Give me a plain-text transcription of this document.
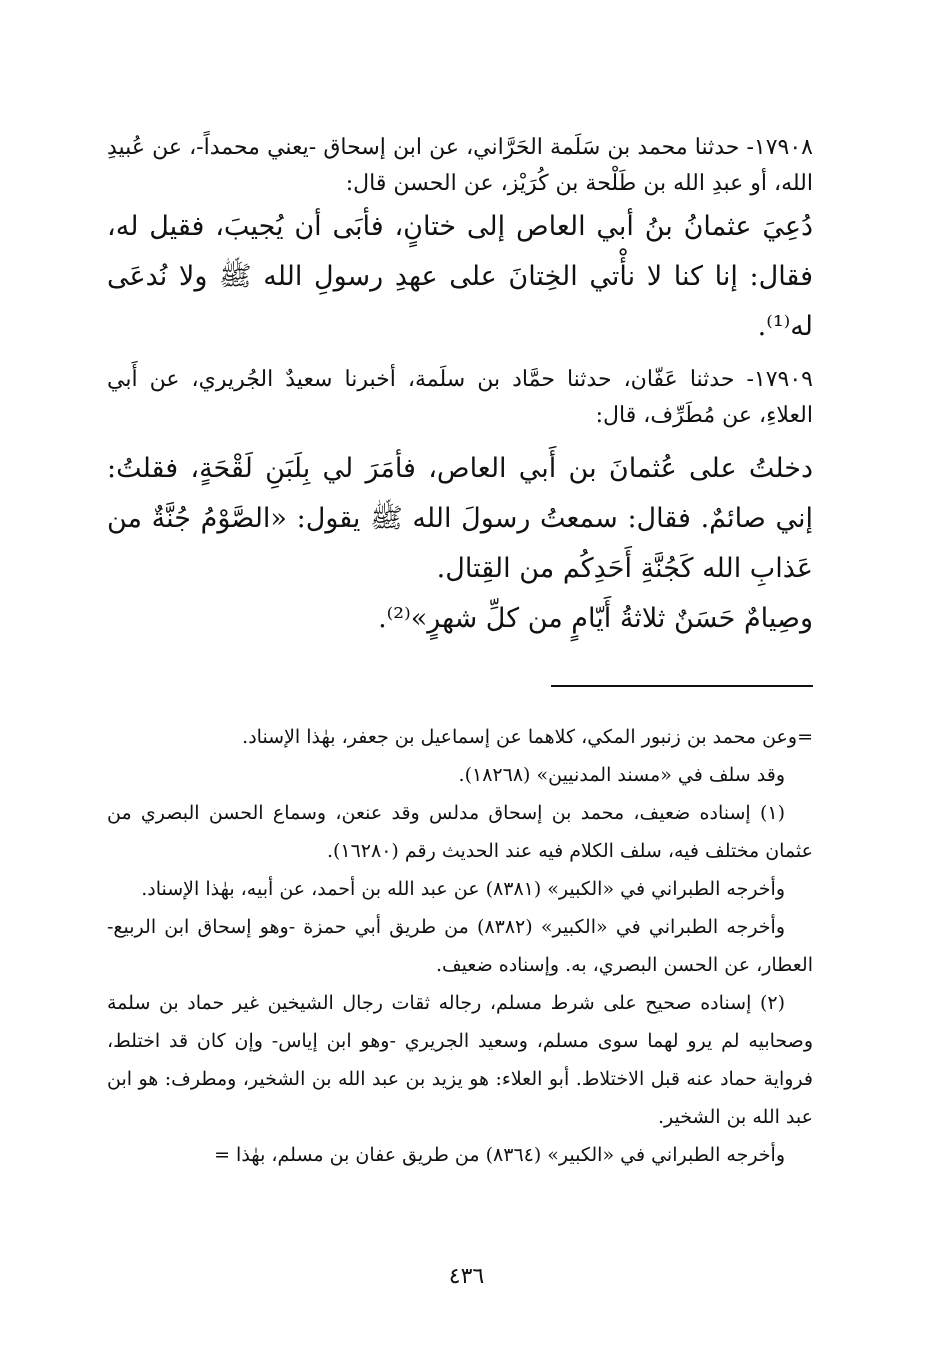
١٧٩٠٨- حدثنا محمد بن سَلَمة الحَرَّاني، عن ابن إسحاق -يعني محمداً-، عن عُبيدِ الله، أو عبدِ الله بن طَلْحة بن كُرَيْز، عن الحسن قال:

دُعِيَ عثمانُ بنُ أبي العاص إلى ختانٍ، فأبَى أن يُجيبَ، فقيل له، فقال: إنا كنا لا نأْتي الخِتانَ على عهدِ رسولِ الله ﷺ ولا نُدعَى له⁽¹⁾.

١٧٩٠٩- حدثنا عَفّان، حدثنا حمَّاد بن سلَمة، أخبرنا سعيدٌ الجُريري، عن أَبي العلاءِ، عن مُطَرِّف، قال:

دخلتُ على عُثمانَ بن أَبي العاص، فأمَرَ لي بِلَبَنِ لَقْحَةٍ، فقلتُ: إني صائمٌ. فقال: سمعتُ رسولَ الله ﷺ يقول: «الصَّوْمُ جُنَّةٌ من عَذابِ الله كَجُنَّةِ أَحَدِكُم من القِتال.

وصِيامٌ حَسَنٌ ثلاثةُ أَيّامٍ من كلِّ شهرٍ»⁽²⁾.

=وعن محمد بن زنبور المكي، كلاهما عن إسماعيل بن جعفر، بهٰذا الإسناد.

وقد سلف في «مسند المدنيين» (١٨٢٦٨).

(١) إسناده ضعيف، محمد بن إسحاق مدلس وقد عنعن، وسماع الحسن البصري من عثمان مختلف فيه، سلف الكلام فيه عند الحديث رقم (١٦٢٨٠).

وأخرجه الطبراني في «الكبير» (٨٣٨١) عن عبد الله بن أحمد، عن أبيه، بهٰذا الإسناد.

وأخرجه الطبراني في «الكبير» (٨٣٨٢) من طريق أبي حمزة -وهو إسحاق ابن الربيع- العطار، عن الحسن البصري، به. وإسناده ضعيف.

(٢) إسناده صحيح على شرط مسلم، رجاله ثقات رجال الشيخين غير حماد بن سلمة وصحابيه لم يرو لهما سوى مسلم، وسعيد الجريري -وهو ابن إياس- وإن كان قد اختلط، فرواية حماد عنه قبل الاختلاط. أبو العلاء: هو يزيد بن عبد الله بن الشخير، ومطرف: هو ابن عبد الله بن الشخير.

وأخرجه الطبراني في «الكبير» (٨٣٦٤) من طريق عفان بن مسلم، بهٰذا =

٤٣٦
